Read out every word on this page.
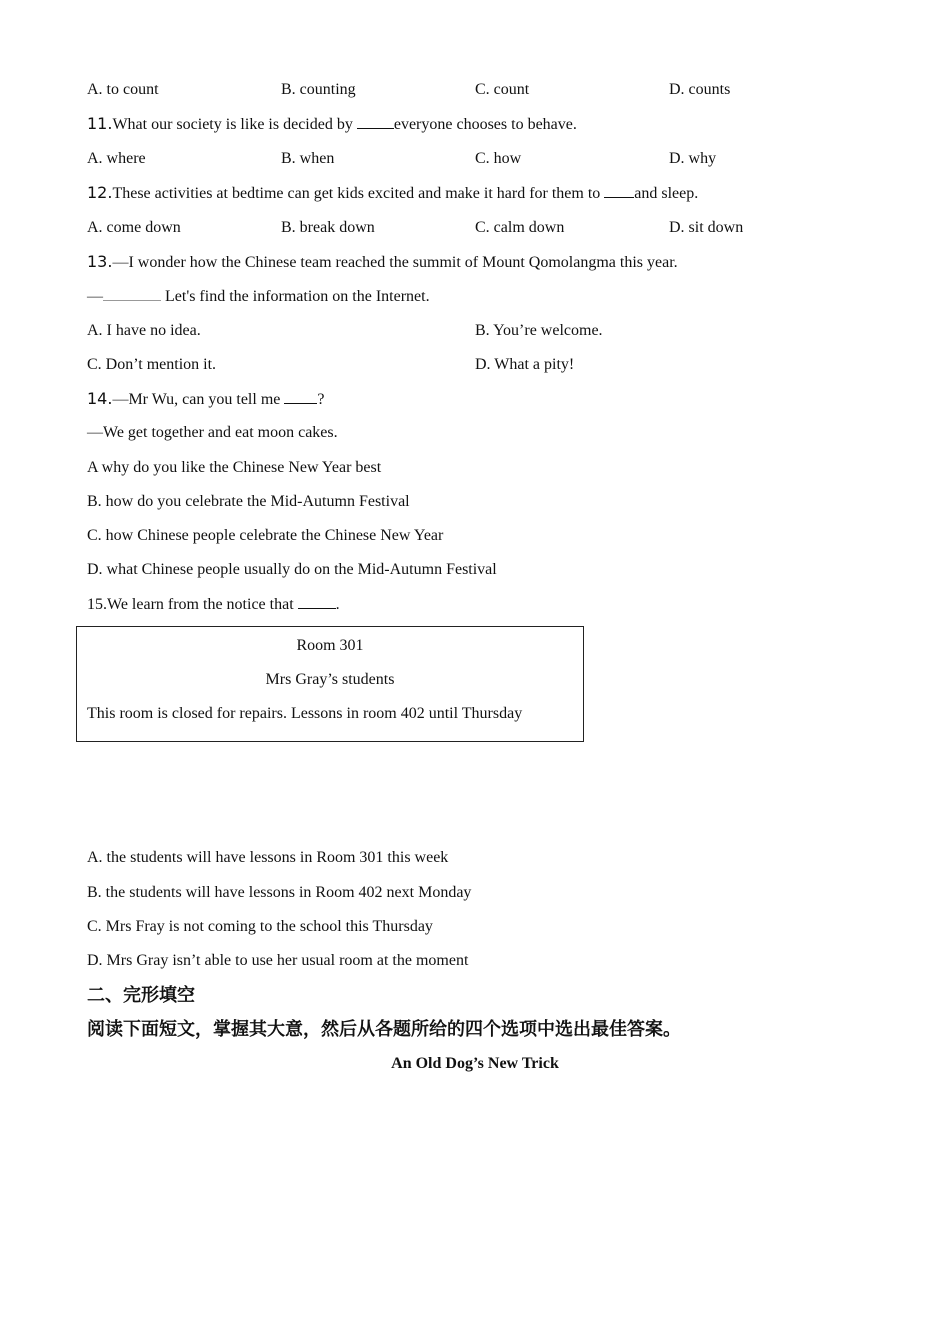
A. to count	B. counting	C. count	D. counts
11.What our society is like is decided by everyone chooses to behave.
A. where	B. when	C. how	D. why
12.These activities at bedtime can get kids excited and make it hard for them to and sleep.
A. come down	B. break down	C. calm down	D. sit down
13.—I wonder how the Chinese team reached the summit of Mount Qomolangma this year.
—	Let's find the information on the Internet.
A. I have no idea.	B. You’re welcome.
C. Don’t mention it.	D. What a pity!
14.—Mr Wu, can you tell me ?
—We get together and eat moon cakes.
A why do you like the Chinese New Year best
B. how do you celebrate the Mid-Autumn Festival
C. how Chinese people celebrate the Chinese New Year
D. what Chinese people usually do on the Mid-Autumn Festival
15.We learn from the notice that .
Room 301
Mrs Gray’s students
This room is closed for repairs. Lessons in room 402 until Thursday
A. the students will have lessons in Room 301 this week
B. the students will have lessons in Room 402 next Monday
C. Mrs Fray is not coming to the school this Thursday
D. Mrs Gray isn’t able to use her usual room at the moment
二、完形填空
阅读下面短文，掌握其大意，然后从各题所给的四个选项中选出最佳答案。
An Old Dog’s New Trick
